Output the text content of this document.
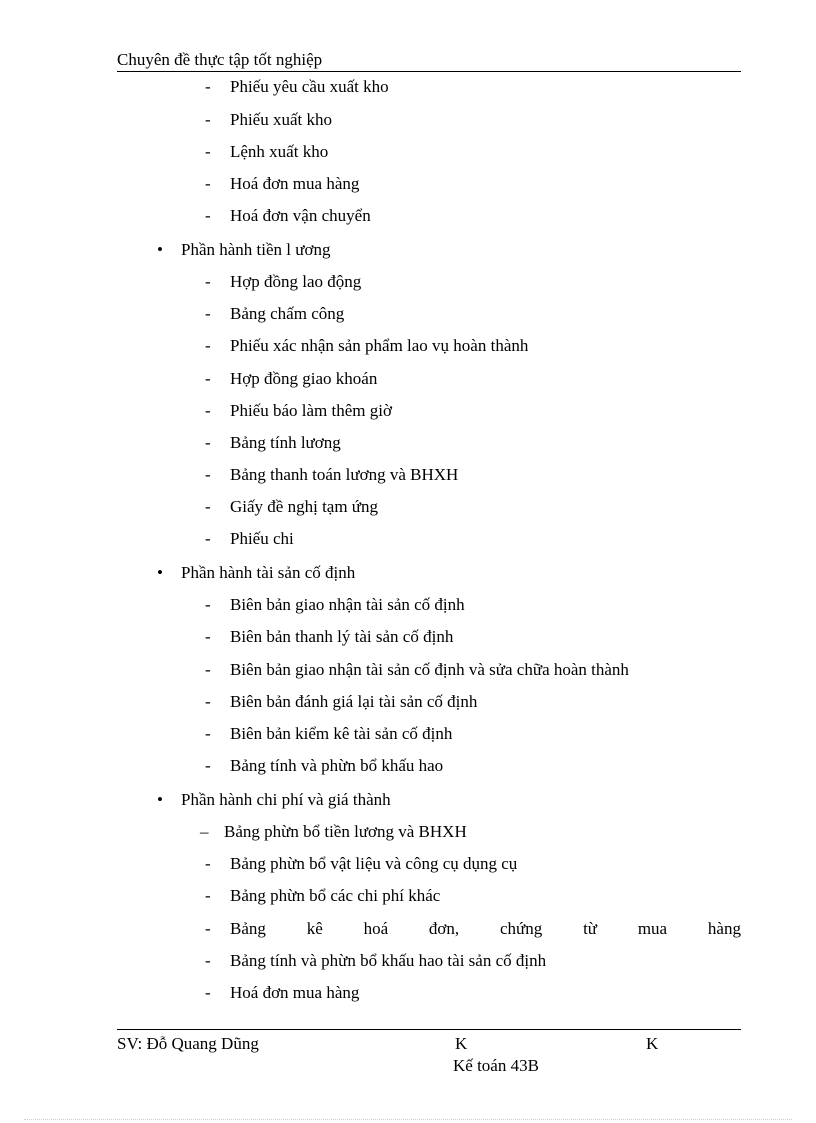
Chuyên đề thực tập tốt nghiệp
- Phiếu yêu cầu xuất kho
- Phiếu xuất kho
- Lệnh xuất kho
- Hoá đơn mua hàng
- Hoá đơn vận chuyển
• Phần hành tiền l ương
- Hợp đồng lao động
- Bảng chấm công
- Phiếu xác nhận sản phẩm lao vụ hoàn thành
- Hợp đồng giao khoán
- Phiếu báo làm thêm giờ
- Bảng tính lương
- Bảng thanh toán lương và BHXH
- Giấy đề nghị tạm ứng
- Phiếu chi
• Phần hành tài sản cố định
- Biên bản giao nhận tài sản cố định
- Biên bản thanh lý tài sản cố định
- Biên bản giao nhận tài sản cố định và sửa chữa hoàn thành
- Biên bản đánh giá lại tài sản cố định
- Biên bản kiểm kê tài sản cố định
- Bảng tính và phừn bổ khấu hao
• Phần hành chi phí và giá thành
– Bảng phừn bổ tiền lương và BHXH
- Bảng phừn bổ vật liệu và công cụ dụng cụ
- Bảng phừn bổ các chi phí khác
- Bảng kê hoá đơn, chứng từ mua hàng
- Bảng tính và phừn bổ khấu hao tài sản cố định
- Hoá đơn mua hàng
SV: Đỗ Quang Dũng	K	K
Kế toán 43B
